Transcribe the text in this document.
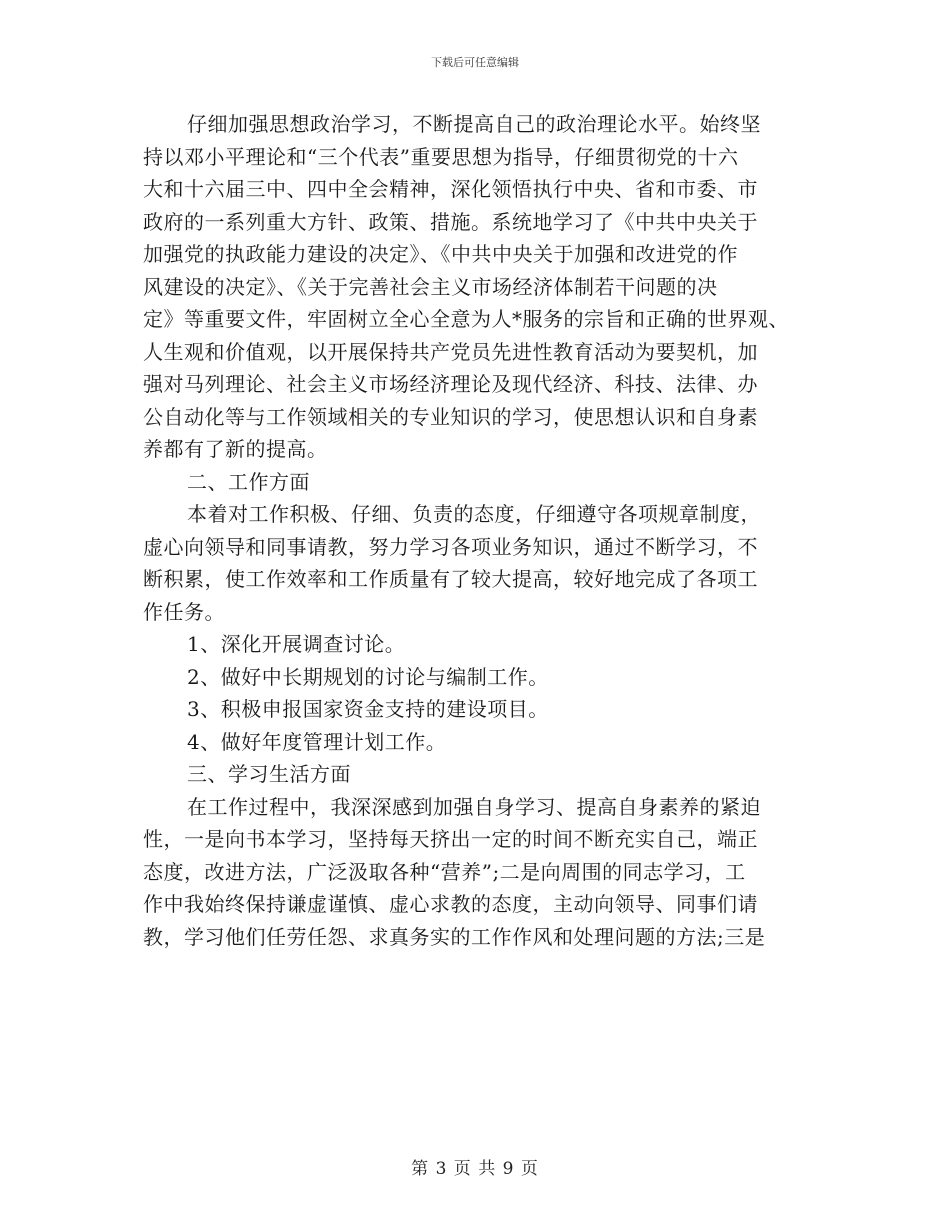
下载后可任意编辑
仔细加强思想政治学习，不断提高自己的政治理论水平。始终坚
持以邓小平理论和“三个代表”重要思想为指导，仔细贯彻党的十六
大和十六届三中、四中全会精神，深化领悟执行中央、省和市委、市
政府的一系列重大方针、政策、措施。系统地学习了《中共中央关于
加强党的执政能力建设的决定》、《中共中央关于加强和改进党的作
风建设的决定》、《关于完善社会主义市场经济体制若干问题的决
定》等重要文件，牢固树立全心全意为人*服务的宗旨和正确的世界观、
人生观和价值观，以开展保持共产党员先进性教育活动为要契机，加
强对马列理论、社会主义市场经济理论及现代经济、科技、法律、办
公自动化等与工作领域相关的专业知识的学习，使思想认识和自身素
养都有了新的提高。
二、工作方面
本着对工作积极、仔细、负责的态度，仔细遵守各项规章制度，
虚心向领导和同事请教，努力学习各项业务知识，通过不断学习，不
断积累，使工作效率和工作质量有了较大提高，较好地完成了各项工
作任务。
1、深化开展调查讨论。
2、做好中长期规划的讨论与编制工作。
3、积极申报国家资金支持的建设项目。
4、做好年度管理计划工作。
三、学习生活方面
在工作过程中，我深深感到加强自身学习、提高自身素养的紧迫
性，一是向书本学习，坚持每天挤出一定的时间不断充实自己，端正
态度，改进方法，广泛汲取各种“营养”;二是向周围的同志学习，工
作中我始终保持谦虚谨慎、虚心求教的态度，主动向领导、同事们请
教，学习他们任劳任怨、求真务实的工作作风和处理问题的方法;三是
第 3 页 共 9 页
